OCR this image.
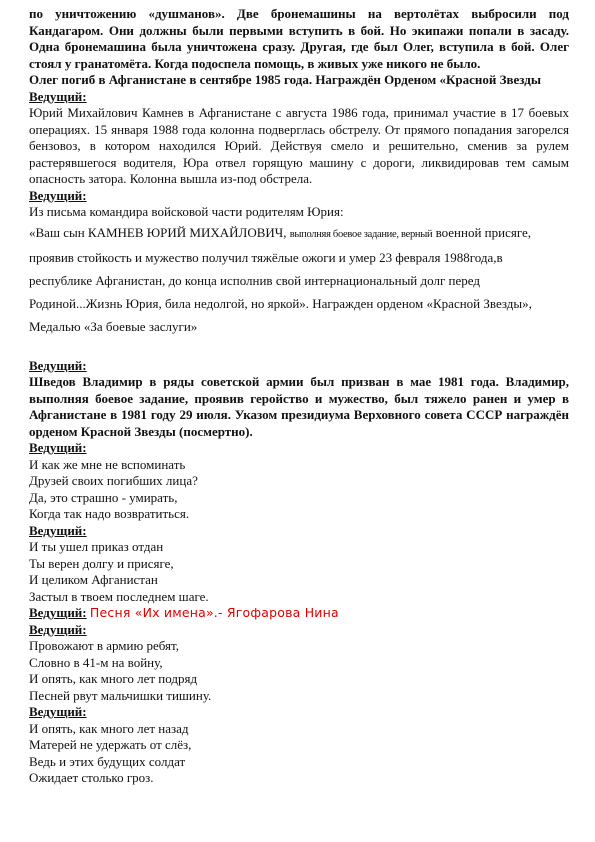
по уничтожению «душманов». Две бронемашины на вертолётах выбросили под Кандагаром. Они должны были первыми вступить в бой. Но экипажи попали в засаду. Одна бронемашина была уничтожена сразу. Другая, где был Олег, вступила в бой. Олег стоял у гранатомёта. Когда подоспела помощь, в живых уже никого не было.

Олег погиб в Афганистане в сентябре 1985 года. Награждён Орденом «Красной Звезды

Ведущий:

Юрий Михайлович Камнев в Афганистане с августа 1986 года, принимал участие в 17 боевых операциях. 15 января 1988 года колонна подверглась обстрелу. От прямого попадания загорелся бензовоз, в котором находился Юрий. Действуя смело и решительно, сменив за рулем растерявшегося водителя, Юра отвел горящую машину с дороги, ликвидировав тем самым опасность затора. Колонна вышла из-под обстрела.

Ведущий:

Из письма командира войсковой части родителям Юрия:

«Ваш сын КАМНЕВ ЮРИЙ МИХАЙЛОВИЧ, выполняя боевое задание, верный военной присяге, проявив стойкость и мужество получил тяжёлые ожоги и умер 23 февраля 1988года,в республике Афганистан, до конца исполнив свой интернациональный долг перед Родиной...Жизнь Юрия, била недолгой, но яркой». Награжден орденом «Красной Звезды», Медалью «За боевые заслуги»

Ведущий:

Шведов Владимир в ряды советской армии был призван в мае 1981 года. Владимир, выполняя боевое задание, проявив геройство и мужество, был тяжело ранен и умер в Афганистане в 1981 году 29 июля. Указом президиума Верховного совета СССР награждён орденом Красной Звезды (посмертно).

Ведущий:

И как же мне не вспоминать

Друзей своих погибших лица?

Да, это страшно - умирать,

Когда так надо возвратиться.

Ведущий:

И ты ушел приказ отдан

Ты верен долгу и присяге,

И целиком Афганистан

Застыл в твоем последнем шаге.

Ведущий: Песня «Их имена».- Ягофарова Нина

Ведущий:

Провожают в армию ребят,

Словно в 41-м на войну,

И опять, как много лет подряд

Песней рвут мальчишки тишину.

Ведущий:

И опять, как много лет назад

Матерей не удержать от слёз,

Ведь и этих будущих солдат

Ожидает столько гроз.
